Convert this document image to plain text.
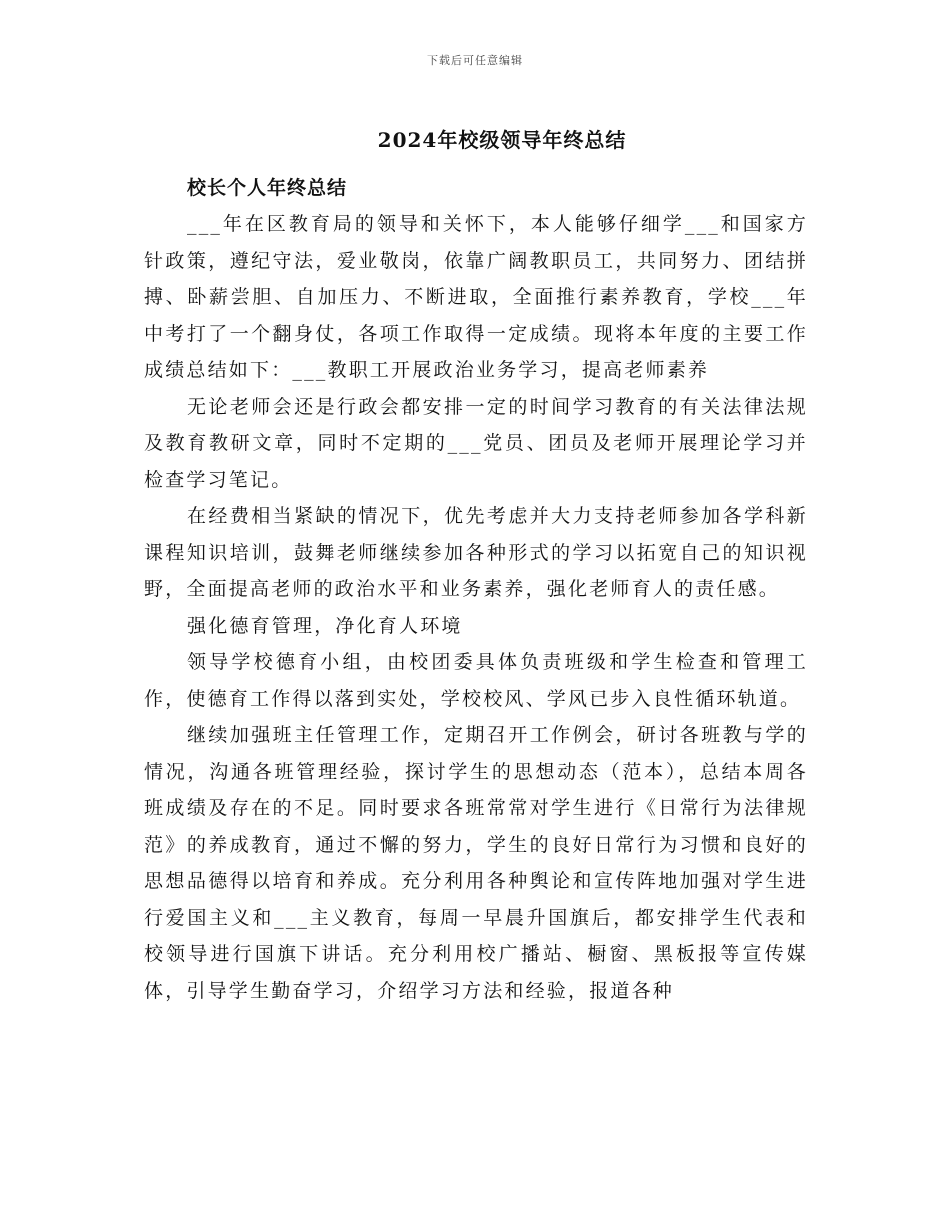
下载后可任意编辑
2024年校级领导年终总结

校长个人年终总结

___年在区教育局的领导和关怀下，本人能够仔细学___和国家方针政策，遵纪守法，爱业敬岗，依靠广阔教职员工，共同努力、团结拼搏、卧薪尝胆、自加压力、不断进取，全面推行素养教育，学校___年中考打了一个翻身仗，各项工作取得一定成绩。现将本年度的主要工作成绩总结如下：___教职工开展政治业务学习，提高老师素养

无论老师会还是行政会都安排一定的时间学习教育的有关法律法规及教育教研文章，同时不定期的___党员、团员及老师开展理论学习并检查学习笔记。

在经费相当紧缺的情况下，优先考虑并大力支持老师参加各学科新课程知识培训，鼓舞老师继续参加各种形式的学习以拓宽自己的知识视野，全面提高老师的政治水平和业务素养，强化老师育人的责任感。

强化德育管理，净化育人环境

领导学校德育小组，由校团委具体负责班级和学生检查和管理工作，使德育工作得以落到实处，学校校风、学风已步入良性循环轨道。

继续加强班主任管理工作，定期召开工作例会，研讨各班教与学的情况，沟通各班管理经验，探讨学生的思想动态（范本），总结本周各班成绩及存在的不足。同时要求各班常常对学生进行《日常行为法律规范》的养成教育，通过不懈的努力，学生的良好日常行为习惯和良好的思想品德得以培育和养成。充分利用各种舆论和宣传阵地加强对学生进行爱国主义和___主义教育，每周一早晨升国旗后，都安排学生代表和校领导进行国旗下讲话。充分利用校广播站、橱窗、黑板报等宣传媒体，引导学生勤奋学习，介绍学习方法和经验，报道各种
